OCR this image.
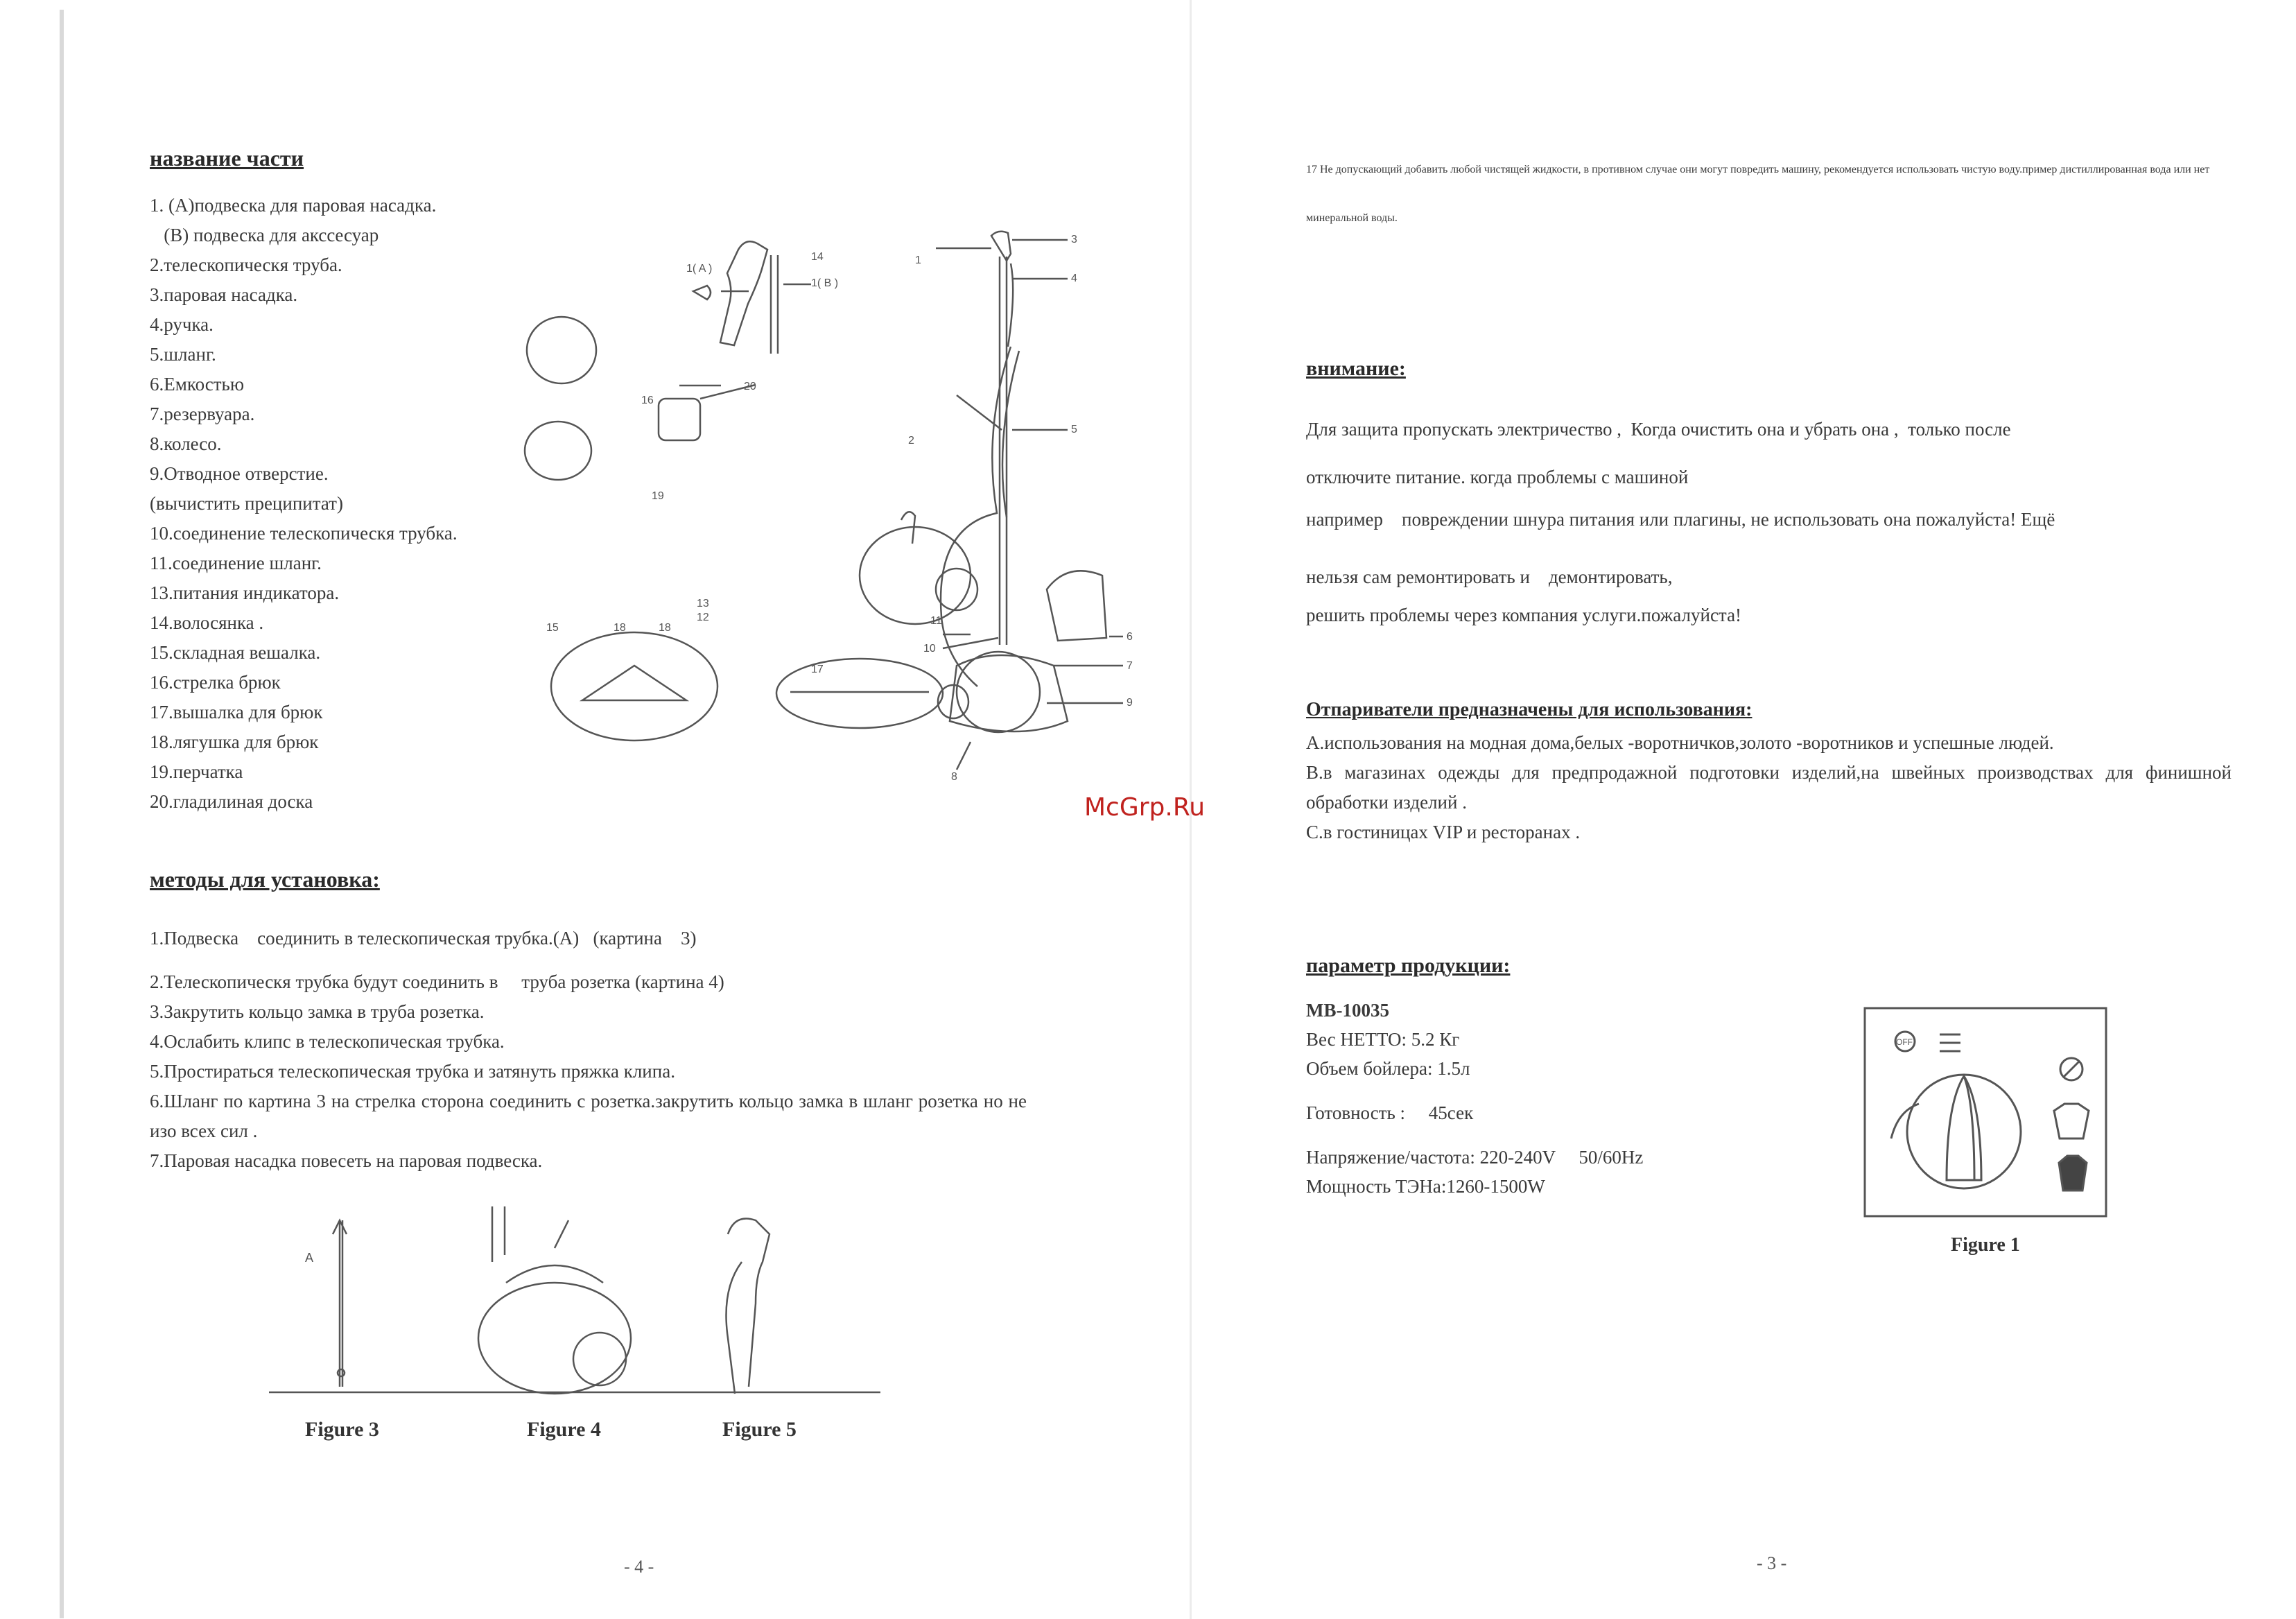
название части
1. (А)подвеска для паровая насадка.
(В) подвеска для аксcесуар
2.телескопическя труба.
3.паровая насадка.
4.ручка.
5.шланг.
6.Емкостью
7.резервуара.
8.колесо.
9.Отводное отверстие.
(вычистить преципитат)
10.соединение телескопическя трубка.
11.соединение шланг.
13.питания индикатора.
14.волосянка .
15.складная вешалка.
16.стрелка брюк
17.вышалка для брюк
18.лягушка для брюк
19.перчатка
20.гладилиная доска
14
1( A )
1( B )
1
3
4
2
5
16
20
19
13
12	11
10
6
7
9
8
15	18	18
17
методы для установка:
1.Подвеска    соединить в телескопическая трубка.(А)   (картина    3)
2.Телескопическя трубка будут соединить в     труба розетка (картина 4)
3.Закрутить кольцо замка в труба розетка.
4.Ослабить клипс в телескопическая трубка.
5.Простираться телескопическая трубка и затянуть пряжка клипа.
6.Шланг по картина 3 на стрелка сторона соединить с розетка.закрутить кольцо замка в шланг розетка но не изо всех сил .
7.Паровая насадка повесеть на паровая подвеска.
A
Figure 3	Figure 4	Figure 5
- 4 -
McGrp.Ru
17 Не допускающий добавить любой чистящей жидкости, в противном случае они могут повредить машину, рекомендуется использовать чистую воду.пример дистиллированная вода или нет минеральной воды.
внимание:
Для защита пропускать электричество ,  Когда очистить она и убрать она ,  только после
отключите питание. когда проблемы с машиной
например    повреждении шнура питания или плагины, не использовать она пожалуйста! Ещё
нельзя сам ремонтировать и    демонтировать,
решить проблемы через компания услуги.пожалуйста!
Отпариватели предназначены для использования:
А.использования на модная дома,белых -воротничков,золото -воротников и успешные людей.
В.в магазинах одежды для предпродажной подготовки изделий,на швейных производствах для финишной обработки изделий .
С.в гостиницах VIP и ресторанах .
параметр продукции:
МВ-10035
Вес НЕТТО: 5.2 Кг
Объем бойлера: 1.5л
Готовность :     45сек
Напряжение/частота: 220-240V     50/60Hz
Мощность ТЭНа:1260-1500W
OFF
Figure 1
- 3 -
